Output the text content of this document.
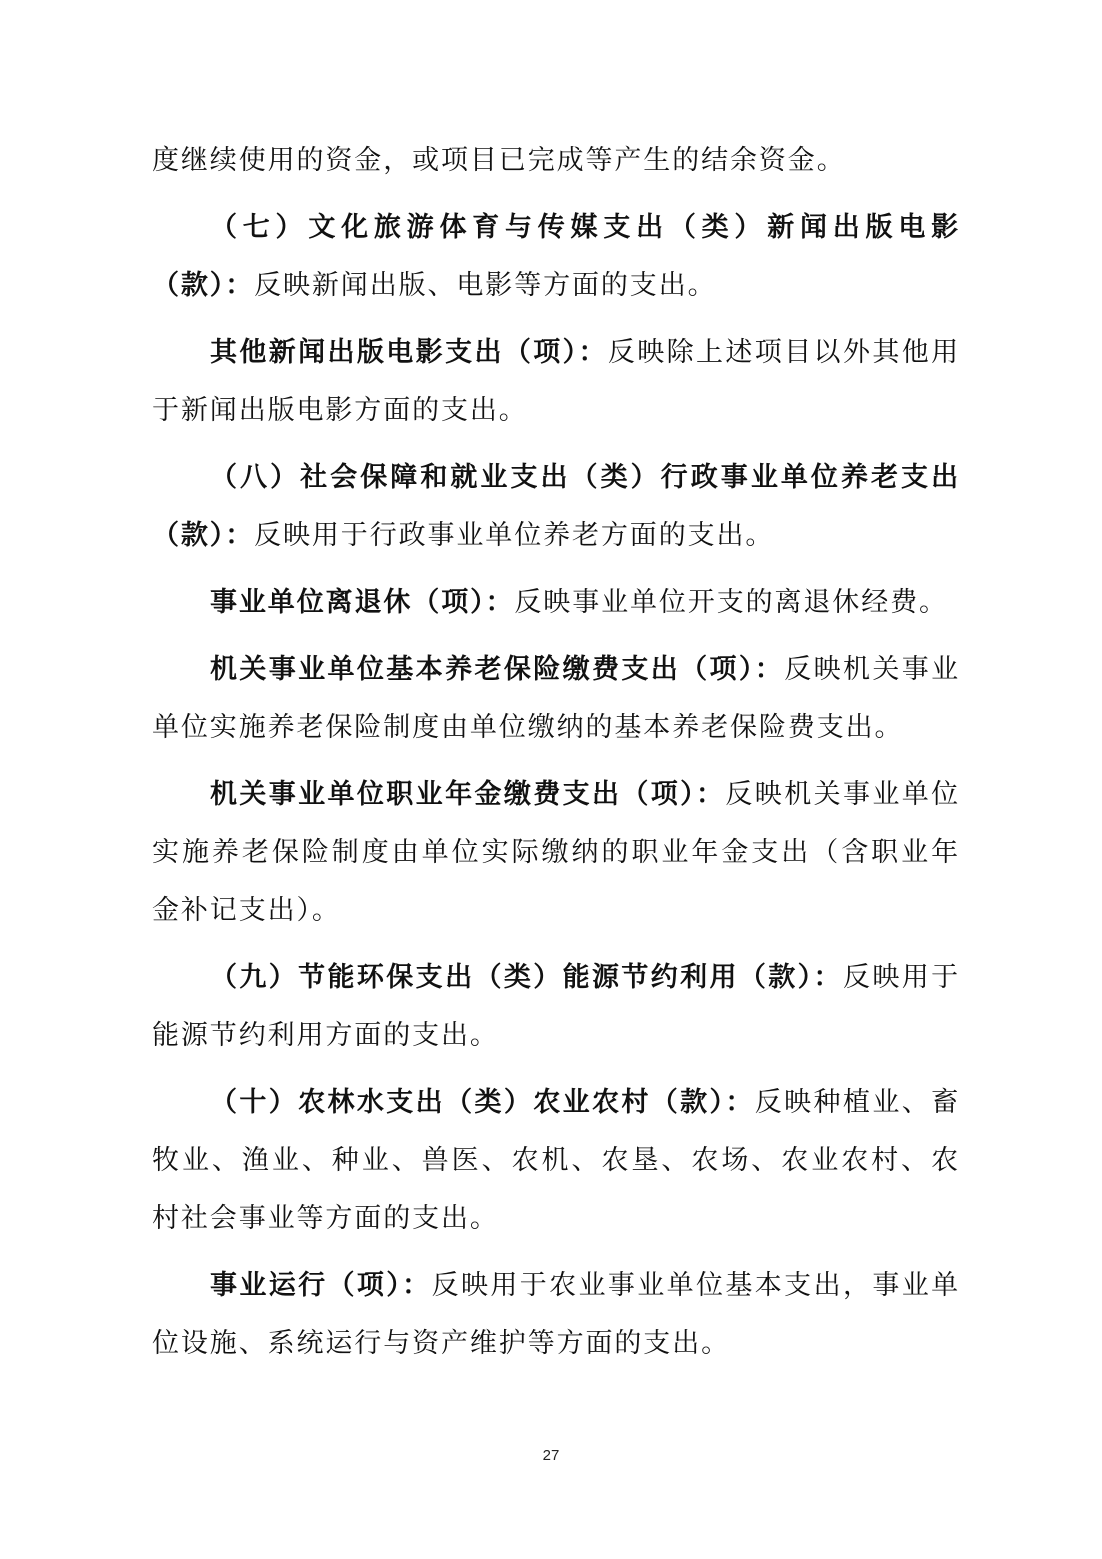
度继续使用的资金，或项目已完成等产生的结余资金。

（七）文化旅游体育与传媒支出（类）新闻出版电影（款）：反映新闻出版、电影等方面的支出。

其他新闻出版电影支出（项）：反映除上述项目以外其他用于新闻出版电影方面的支出。

（八）社会保障和就业支出（类）行政事业单位养老支出（款）：反映用于行政事业单位养老方面的支出。

事业单位离退休（项）：反映事业单位开支的离退休经费。

机关事业单位基本养老保险缴费支出（项）：反映机关事业单位实施养老保险制度由单位缴纳的基本养老保险费支出。

机关事业单位职业年金缴费支出（项）：反映机关事业单位实施养老保险制度由单位实际缴纳的职业年金支出（含职业年金补记支出）。

（九）节能环保支出（类）能源节约利用（款）：反映用于能源节约利用方面的支出。

（十）农林水支出（类）农业农村（款）：反映种植业、畜牧业、渔业、种业、兽医、农机、农垦、农场、农业农村、农村社会事业等方面的支出。

事业运行（项）：反映用于农业事业单位基本支出，事业单位设施、系统运行与资产维护等方面的支出。

27
